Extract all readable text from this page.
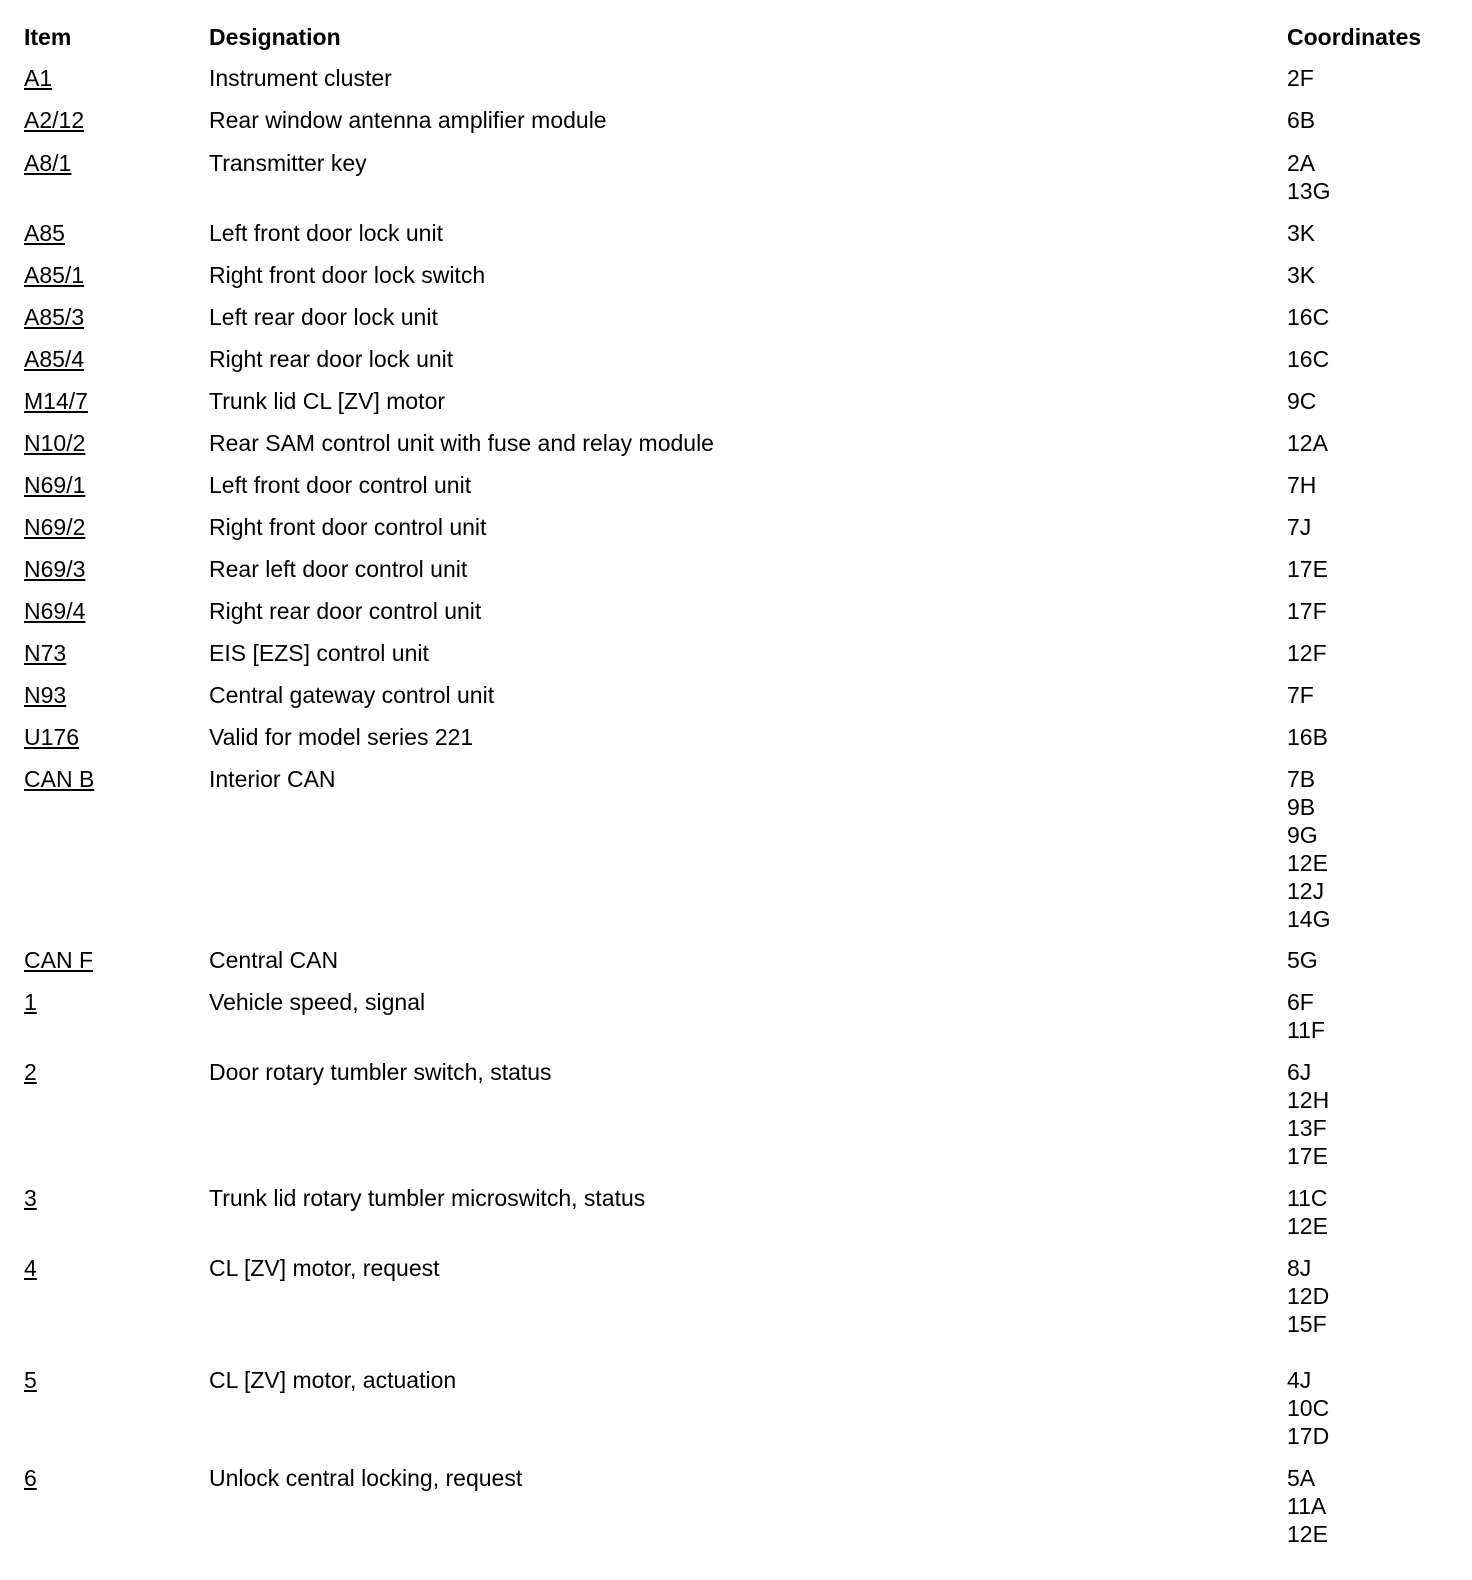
Item	Designation	Coordinates
A1	Instrument cluster	2F
A2/12	Rear window antenna amplifier module	6B
A8/1	Transmitter key	2A
13G
A85	Left front door lock unit	3K
A85/1	Right front door lock switch	3K
A85/3	Left rear door lock unit	16C
A85/4	Right rear door lock unit	16C
M14/7	Trunk lid CL [ZV] motor	9C
N10/2	Rear SAM control unit with fuse and relay module	12A
N69/1	Left front door control unit	7H
N69/2	Right front door control unit	7J
N69/3	Rear left door control unit	17E
N69/4	Right rear door control unit	17F
N73	EIS [EZS] control unit	12F
N93	Central gateway control unit	7F
U176	Valid for model series 221	16B
CAN B	Interior CAN	7B
9B
9G
12E
12J
14G
CAN F	Central CAN	5G
1	Vehicle speed, signal	6F
11F
2	Door rotary tumbler switch, status	6J
12H
13F
17E
3	Trunk lid rotary tumbler microswitch, status	11C
12E
4	CL [ZV] motor, request	8J
12D
15F
5	CL [ZV] motor, actuation	4J
10C
17D
6	Unlock central locking, request	5A
11A
12E
